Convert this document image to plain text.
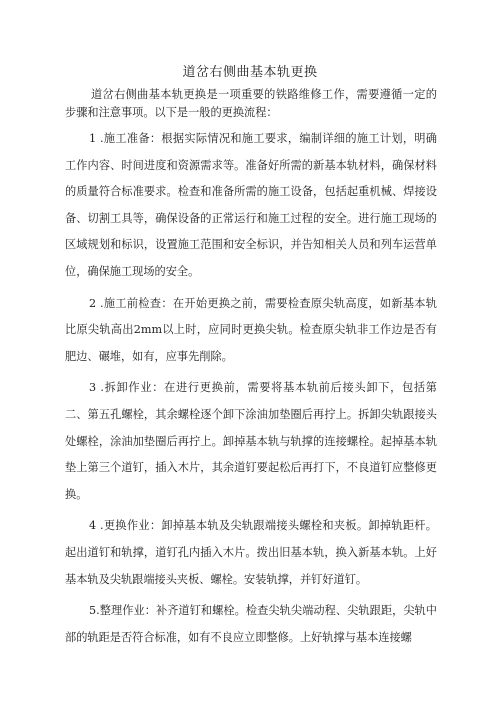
道岔右侧曲基本轨更换

道岔右侧曲基本轨更换是一项重要的铁路维修工作，需要遵循一定的步骤和注意事项。以下是一般的更换流程：

1 .施工准备：根据实际情况和施工要求，编制详细的施工计划，明确工作内容、时间进度和资源需求等。准备好所需的新基本轨材料，确保材料的质量符合标准要求。检查和准备所需的施工设备，包括起重机械、焊接设备、切割工具等，确保设备的正常运行和施工过程的安全。进行施工现场的区域规划和标识，设置施工范围和安全标识，并告知相关人员和列车运营单位，确保施工现场的安全。

2 .施工前检查：在开始更换之前，需要检查原尖轨高度，如新基本轨比原尖轨高出2mm以上时，应同时更换尖轨。检查原尖轨非工作边是否有肥边、碾堆，如有，应事先削除。

3 .拆卸作业：在进行更换前，需要将基本轨前后接头卸下，包括第二、第五孔螺栓，其余螺栓逐个卸下涂油加垫圈后再拧上。拆卸尖轨跟接头处螺栓，涂油加垫圈后再拧上。卸掉基本轨与轨撑的连接螺栓。起掉基本轨垫上第三个道钉，插入木片，其余道钉要起松后再打下，不良道钉应整修更换。

4 .更换作业：卸掉基本轨及尖轨跟端接头螺栓和夹板。卸掉轨距杆。起出道钉和轨撑，道钉孔内插入木片。拨出旧基本轨，换入新基本轨。上好基本轨及尖轨跟端接头夹板、螺栓。安装轨撑，并钉好道钉。

5.整理作业：补齐道钉和螺栓。检查尖轨尖端动程、尖轨跟距，尖轨中部的轨距是否符合标准，如有不良应立即整修。上好轨撑与基本连接螺
